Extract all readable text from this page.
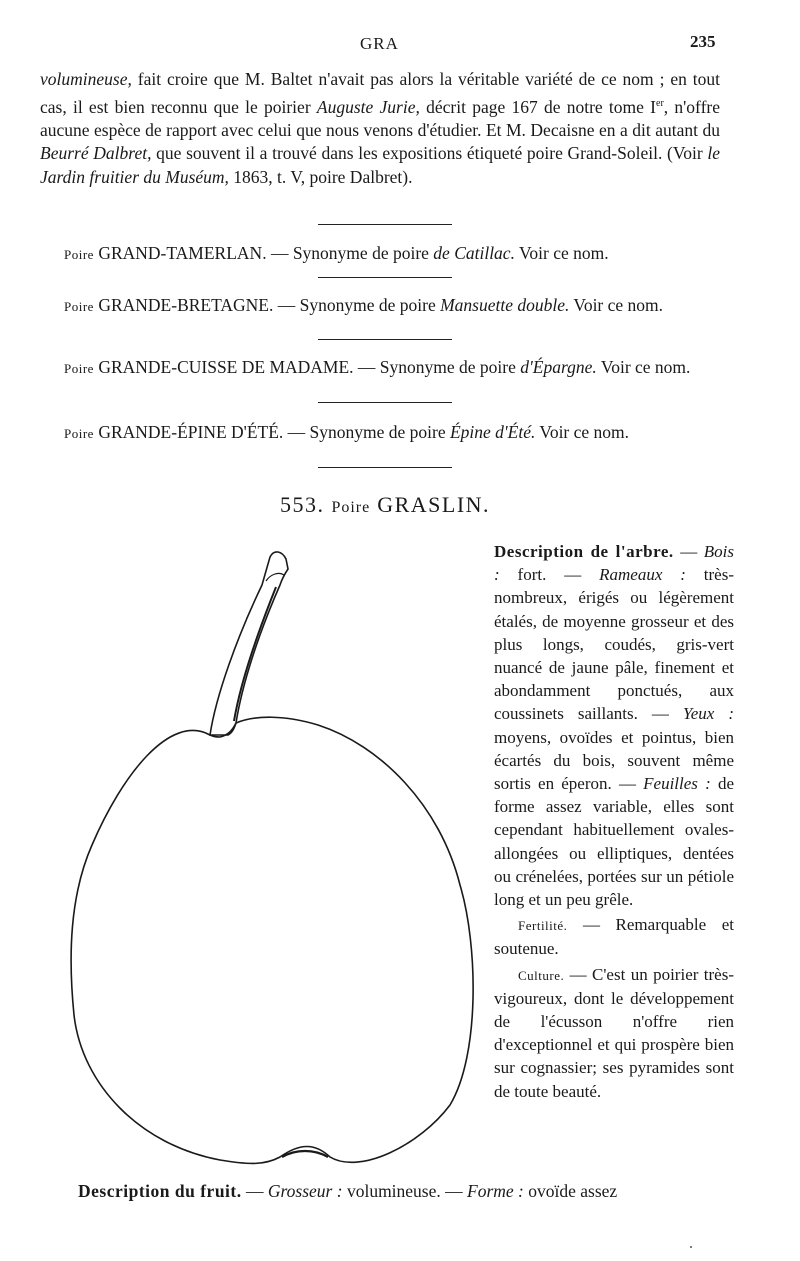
GRA	235

volumineuse, fait croire que M. Baltet n'avait pas alors la véritable variété de ce nom ; en tout cas, il est bien reconnu que le poirier Auguste Jurie, décrit page 167 de notre tome Ier, n'offre aucune espèce de rapport avec celui que nous venons d'étudier. Et M. Decaisne en a dit autant du Beurré Dalbret, que souvent il a trouvé dans les expositions étiqueté poire Grand-Soleil. (Voir le Jardin fruitier du Muséum, 1863, t. V, poire Dalbret).

Poire GRAND-TAMERLAN. — Synonyme de poire de Catillac. Voir ce nom.
Poire GRANDE-BRETAGNE. — Synonyme de poire Mansuette double. Voir ce nom.
Poire GRANDE-CUISSE DE MADAME. — Synonyme de poire d'Épargne. Voir ce nom.
Poire GRANDE-ÉPINE D'ÉTÉ. — Synonyme de poire Épine d'Été. Voir ce nom.
553. Poire GRASLIN.

Description de l'arbre. — Bois : fort. — Rameaux : très-nombreux, érigés ou légèrement étalés, de moyenne grosseur et des plus longs, coudés, gris-vert nuancé de jaune pâle, finement et abondamment ponctués, aux coussinets saillants. — Yeux : moyens, ovoïdes et pointus, bien écartés du bois, souvent même sortis en éperon. — Feuilles : de forme assez variable, elles sont cependant habituellement ovales-allongées ou elliptiques, dentées ou crénelées, portées sur un pétiole long et un peu grêle.

Fertilité. — Remarquable et soutenue.

Culture. — C'est un poirier très-vigoureux, dont le développement de l'écusson n'offre rien d'exceptionnel et qui prospère bien sur cognassier; ses pyramides sont de toute beauté.

Description du fruit. — Grosseur : volumineuse. — Forme : ovoïde assez
